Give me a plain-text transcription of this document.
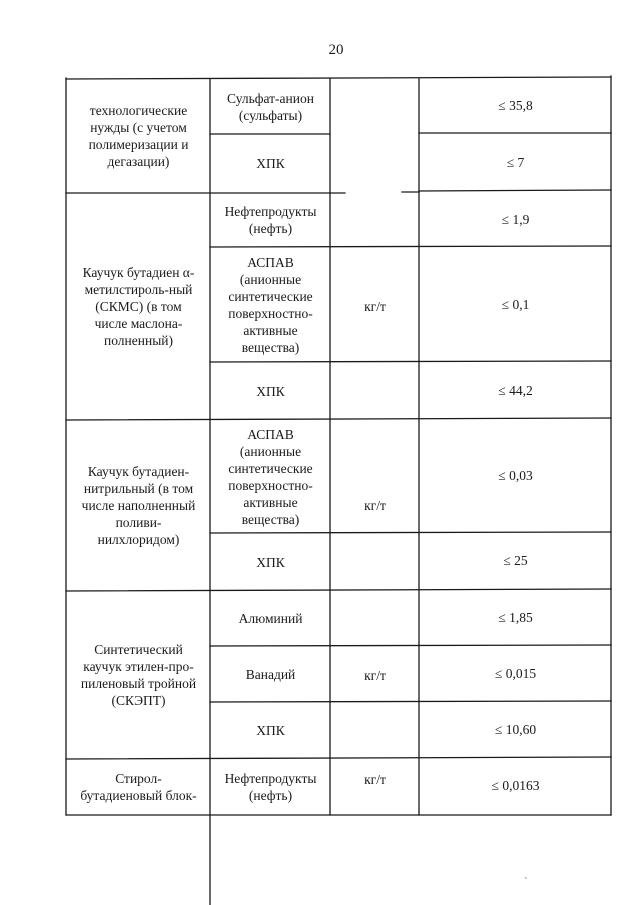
20
технологические нужды (с учетом полимеризации и дегазации)
Сульфат-анион (сульфаты)
ХПК
≤ 35,8
≤ 7
Каучук бутадиен α-метилстироль-ный (СКМС) (в том числе маслона-полненный)
Нефтепродукты (нефть)
АСПАВ (анионные синтетические поверхностно-активные вещества)
ХПК
кг/т
≤ 1,9
≤ 0,1
≤ 44,2
Каучук бутадиен-нитрильный (в том числе наполненный поливи-нилхлоридом)
АСПАВ (анионные синтетические поверхностно-активные вещества)
ХПК
кг/т
≤ 0,03
≤ 25
Синтетический каучук этилен-про-пиленовый тройной (СКЭПТ)
Алюминий
Ванадий
ХПК
кг/т
≤ 1,85
≤ 0,015
≤ 10,60
Стирол-бутадиеновый блок-
Нефтепродукты (нефть)
кг/т	≤ 0,0163
`
